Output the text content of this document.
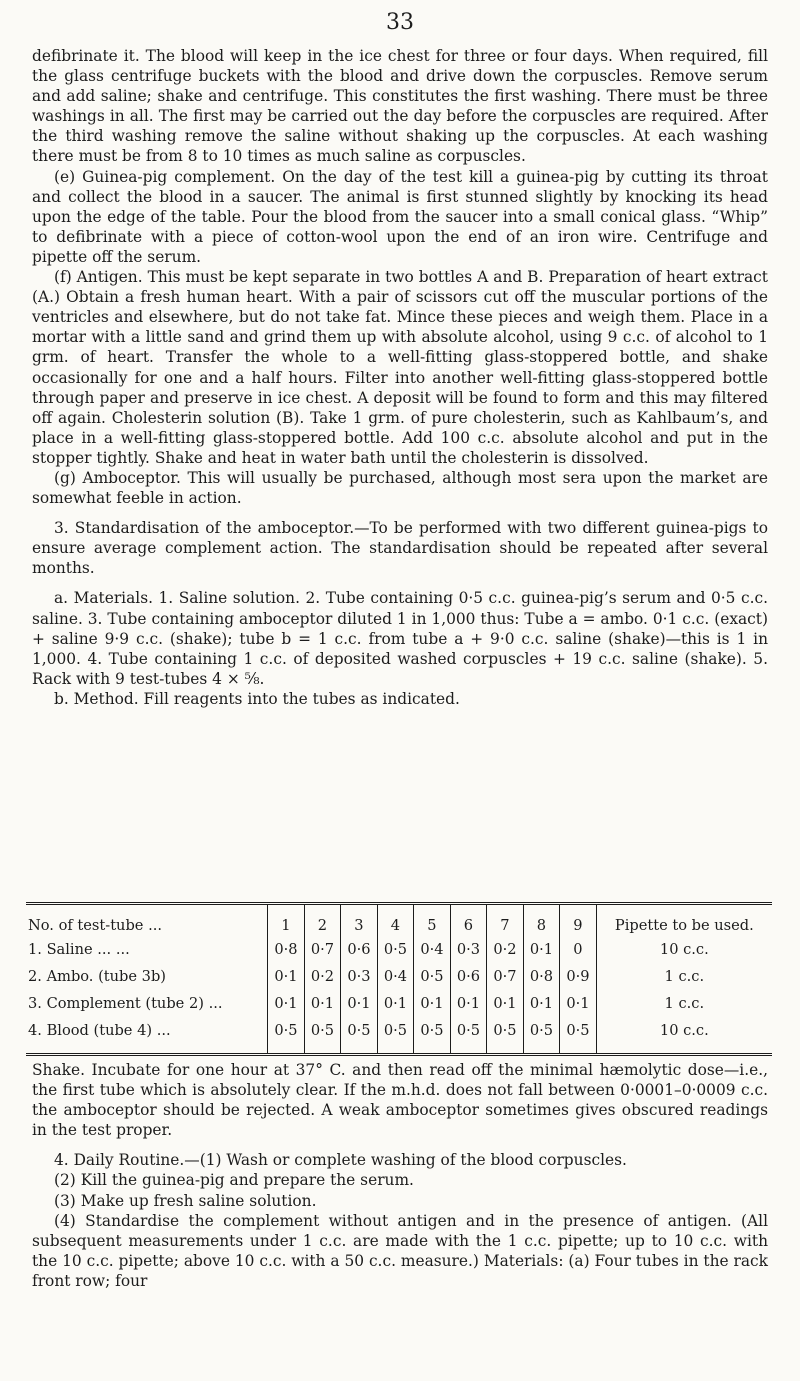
33

defibrinate it. The blood will keep in the ice chest for three or four days. When required, fill the glass centrifuge buckets with the blood and drive down the corpuscles. Remove serum and add saline; shake and centrifuge. This constitutes the first washing. There must be three washings in all. The first may be carried out the day before the corpuscles are required. After the third washing remove the saline without shaking up the corpuscles. At each washing there must be from 8 to 10 times as much saline as corpuscles.

(e) Guinea-pig complement. On the day of the test kill a guinea-pig by cutting its throat and collect the blood in a saucer. The animal is first stunned slightly by knocking its head upon the edge of the table. Pour the blood from the saucer into a small conical glass. “Whip” to defibrinate with a piece of cotton-wool upon the end of an iron wire. Centrifuge and pipette off the serum.

(f) Antigen. This must be kept separate in two bottles A and B. Preparation of heart extract (A.) Obtain a fresh human heart. With a pair of scissors cut off the muscular portions of the ventricles and elsewhere, but do not take fat. Mince these pieces and weigh them. Place in a mortar with a little sand and grind them up with absolute alcohol, using 9 c.c. of alcohol to 1 grm. of heart. Transfer the whole to a well-fitting glass-stoppered bottle, and shake occasionally for one and a half hours. Filter into another well-fitting glass-stoppered bottle through paper and preserve in ice chest. A deposit will be found to form and this may filtered off again. Cholesterin solution (B). Take 1 grm. of pure cholesterin, such as Kahlbaum’s, and place in a well-fitting glass-stoppered bottle. Add 100 c.c. absolute alcohol and put in the stopper tightly. Shake and heat in water bath until the cholesterin is dissolved.

(g) Amboceptor. This will usually be purchased, although most sera upon the market are somewhat feeble in action.

3. Standardisation of the amboceptor.—To be performed with two different guinea-pigs to ensure average complement action. The standardisation should be repeated after several months.

a. Materials. 1. Saline solution. 2. Tube containing 0·5 c.c. guinea-pig’s serum and 0·5 c.c. saline. 3. Tube containing amboceptor diluted 1 in 1,000 thus: Tube a = ambo. 0·1 c.c. (exact) + saline 9·9 c.c. (shake); tube b = 1 c.c. from tube a + 9·0 c.c. saline (shake)—this is 1 in 1,000. 4. Tube containing 1 c.c. of deposited washed corpuscles + 19 c.c. saline (shake). 5. Rack with 9 test-tubes 4 × ⅝.

b. Method. Fill reagents into the tubes as indicated.

No. of test-tube ...	1	2	3	4	5	6	7	8	9	Pipette to be used.
1. Saline ... ...	0·8	0·7	0·6	0·5	0·4	0·3	0·2	0·1	0	10 c.c.
2. Ambo. (tube 3b)	0·1	0·2	0·3	0·4	0·5	0·6	0·7	0·8	0·9	1 c.c.
3. Complement (tube 2) ...	0·1	0·1	0·1	0·1	0·1	0·1	0·1	0·1	0·1	1 c.c.
4. Blood (tube 4) ...	0·5	0·5	0·5	0·5	0·5	0·5	0·5	0·5	0·5	10 c.c.

Shake. Incubate for one hour at 37° C. and then read off the minimal hæmolytic dose—i.e., the first tube which is absolutely clear. If the m.h.d. does not fall between 0·0001–0·0009 c.c. the amboceptor should be rejected. A weak amboceptor sometimes gives obscured readings in the test proper.

4. Daily Routine.—(1) Wash or complete washing of the blood corpuscles.

(2) Kill the guinea-pig and prepare the serum.

(3) Make up fresh saline solution.

(4) Standardise the complement without antigen and in the presence of antigen. (All subsequent measurements under 1 c.c. are made with the 1 c.c. pipette; up to 10 c.c. with the 10 c.c. pipette; above 10 c.c. with a 50 c.c. measure.) Materials: (a) Four tubes in the rack front row; four
